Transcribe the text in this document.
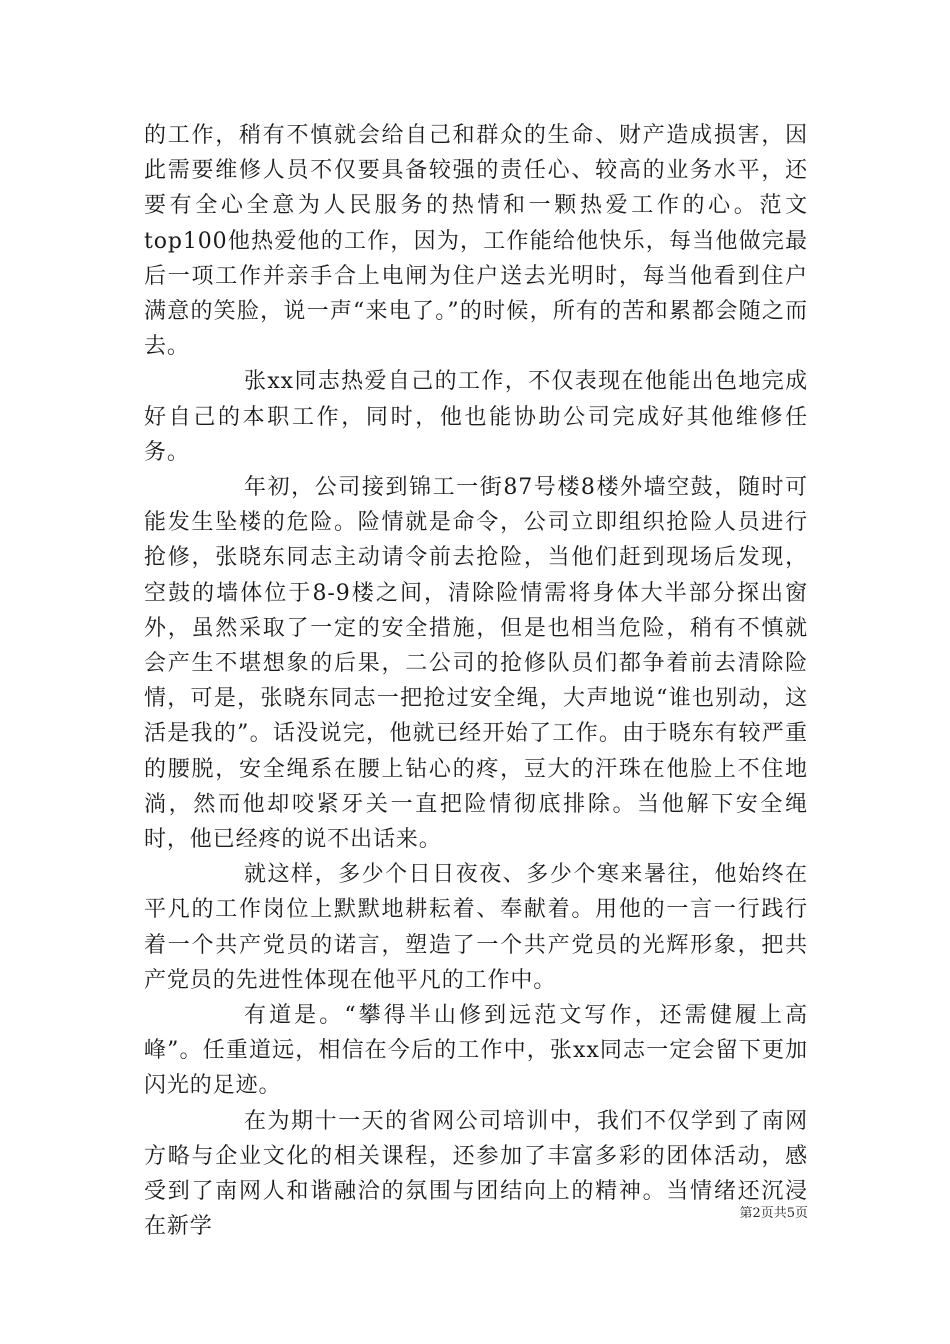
的工作，稍有不慎就会给自己和群众的生命、财产造成损害，因此需要维修人员不仅要具备较强的责任心、较高的业务水平，还要有全心全意为人民服务的热情和一颗热爱工作的心。范文top100他热爱他的工作，因为，工作能给他快乐，每当他做完最后一项工作并亲手合上电闸为住户送去光明时，每当他看到住户满意的笑脸，说一声“来电了。”的时候，所有的苦和累都会随之而去。

张xx同志热爱自己的工作，不仅表现在他能出色地完成好自己的本职工作，同时，他也能协助公司完成好其他维修任务。

年初，公司接到锦工一街87号楼8楼外墙空鼓，随时可能发生坠楼的危险。险情就是命令，公司立即组织抢险人员进行抢修，张晓东同志主动请令前去抢险，当他们赶到现场后发现，空鼓的墙体位于8-9楼之间，清除险情需将身体大半部分探出窗外，虽然采取了一定的安全措施，但是也相当危险，稍有不慎就会产生不堪想象的后果，二公司的抢修队员们都争着前去清除险情，可是，张晓东同志一把抢过安全绳，大声地说“谁也别动，这活是我的”。话没说完，他就已经开始了工作。由于晓东有较严重的腰脱，安全绳系在腰上钻心的疼，豆大的汗珠在他脸上不住地淌，然而他却咬紧牙关一直把险情彻底排除。当他解下安全绳时，他已经疼的说不出话来。

就这样，多少个日日夜夜、多少个寒来暑往，他始终在平凡的工作岗位上默默地耕耘着、奉献着。用他的一言一行践行着一个共产党员的诺言，塑造了一个共产党员的光辉形象，把共产党员的先进性体现在他平凡的工作中。

有道是。“攀得半山修到远范文写作，还需健履上高峰”。任重道远，相信在今后的工作中，张xx同志一定会留下更加闪光的足迹。

在为期十一天的省网公司培训中，我们不仅学到了南网方略与企业文化的相关课程，还参加了丰富多彩的团体活动，感受到了南网人和谐融洽的氛围与团结向上的精神。当情绪还沉浸在新学

第2页共5页
